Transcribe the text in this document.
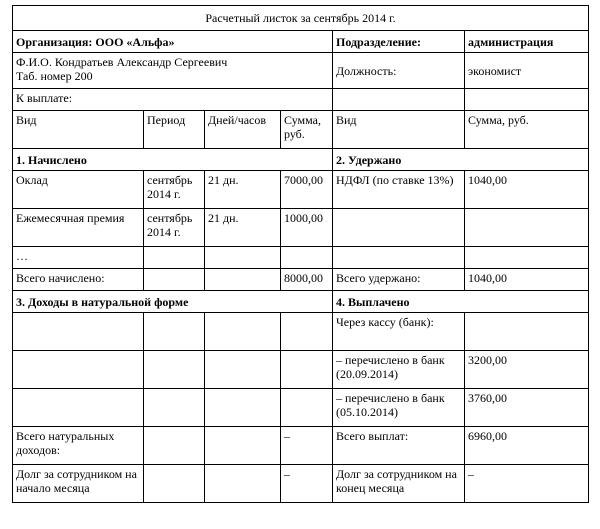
Расчетный листок за сентябрь 2014 г.					
Организация: ООО «Альфа»				Подразделение:	администрация

Ф.И.О. Кондратьев Александр Сергеевич
Таб. номер 200				Должность:	экономист
К выплате:					
Вид	Период	Дней/часов	Сумма, руб.	Вид	Сумма, руб.
1. Начислено				2. Удержано	
Оклад	сентябрь 2014 г.	21 дн.	7000,00	НДФЛ (по ставке 13%)	1040,00
Ежемесячная премия	сентябрь 2014 г.	21 дн.	1000,00		
…					
Всего начислено:			8000,00	Всего удержано:	1040,00
3. Доходы в натуральной форме				4. Выплачено	
				Через кассу (банк):	
				– перечислено в банк (20.09.2014)	3200,00
				– перечислено в банк (05.10.2014)	3760,00
Всего натуральных доходов:			–	Всего выплат:	6960,00
Долг за сотрудником на начало месяца			–	Долг за сотрудником на конец месяца	–
